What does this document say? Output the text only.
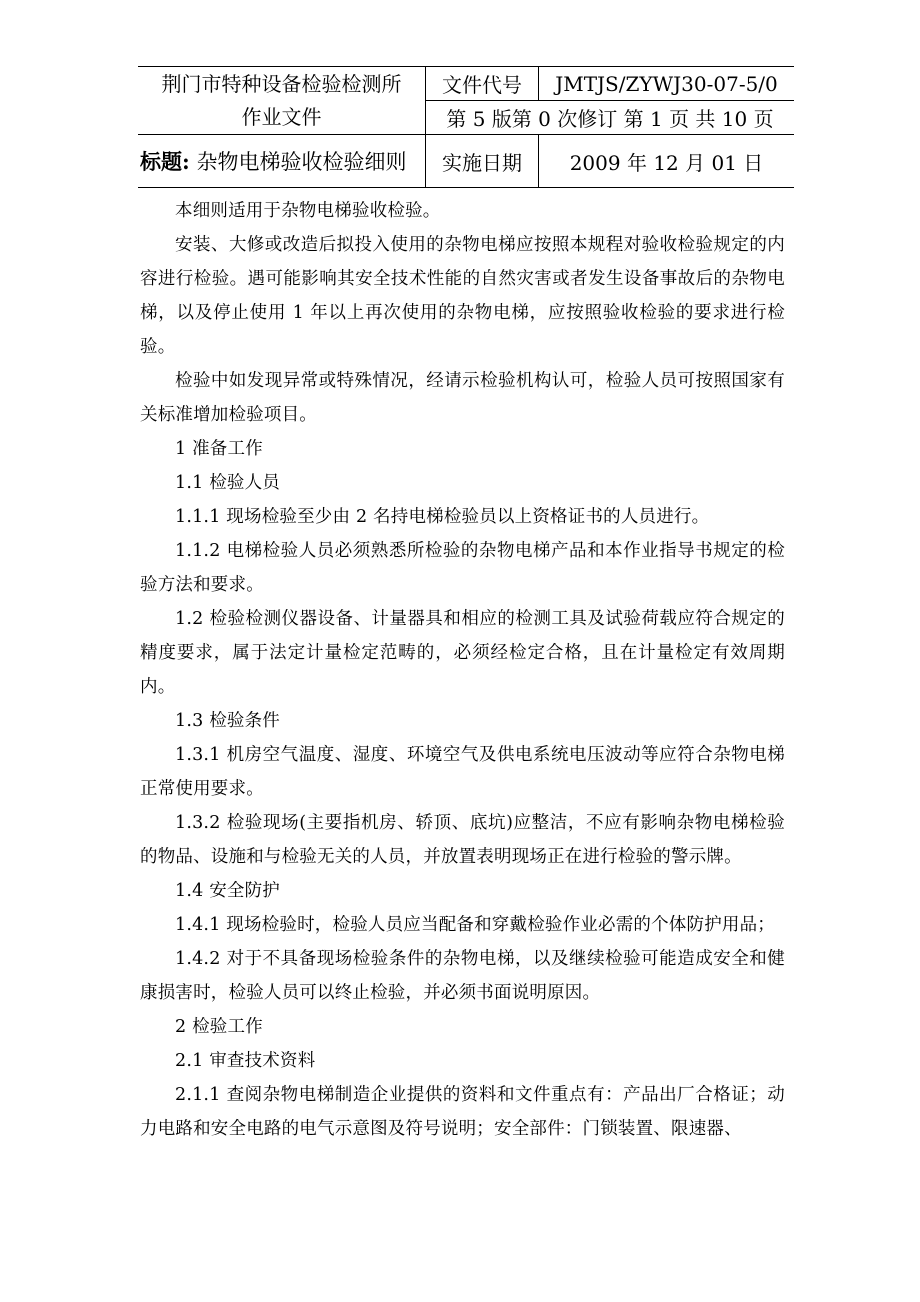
荆门市特种设备检验检测所
作业文件	文件代号	JMTJS/ZYWJ30-07-5/0
	第 5 版第 0 次修订 第 1 页 共 10 页	
标题: 杂物电梯验收检验细则	实施日期	2009 年 12 月 01 日

本细则适用于杂物电梯验收检验。

安装、大修或改造后拟投入使用的杂物电梯应按照本规程对验收检验规定的内容进行检验。遇可能影响其安全技术性能的自然灾害或者发生设备事故后的杂物电梯，以及停止使用 1 年以上再次使用的杂物电梯，应按照验收检验的要求进行检验。

检验中如发现异常或特殊情况，经请示检验机构认可，检验人员可按照国家有关标准增加检验项目。

1 准备工作

1.1 检验人员

1.1.1 现场检验至少由 2 名持电梯检验员以上资格证书的人员进行。

1.1.2 电梯检验人员必须熟悉所检验的杂物电梯产品和本作业指导书规定的检验方法和要求。

1.2 检验检测仪器设备、计量器具和相应的检测工具及试验荷载应符合规定的精度要求，属于法定计量检定范畴的，必须经检定合格，且在计量检定有效周期内。

1.3 检验条件

1.3.1 机房空气温度、湿度、环境空气及供电系统电压波动等应符合杂物电梯正常使用要求。

1.3.2 检验现场(主要指机房、轿顶、底坑)应整洁，不应有影响杂物电梯检验的物品、设施和与检验无关的人员，并放置表明现场正在进行检验的警示牌。

1.4 安全防护

1.4.1 现场检验时，检验人员应当配备和穿戴检验作业必需的个体防护用品；

1.4.2 对于不具备现场检验条件的杂物电梯，以及继续检验可能造成安全和健康损害时，检验人员可以终止检验，并必须书面说明原因。

2 检验工作

2.1 审查技术资料

2.1.1 查阅杂物电梯制造企业提供的资料和文件重点有：产品出厂合格证；动力电路和安全电路的电气示意图及符号说明；安全部件：门锁装置、限速器、
